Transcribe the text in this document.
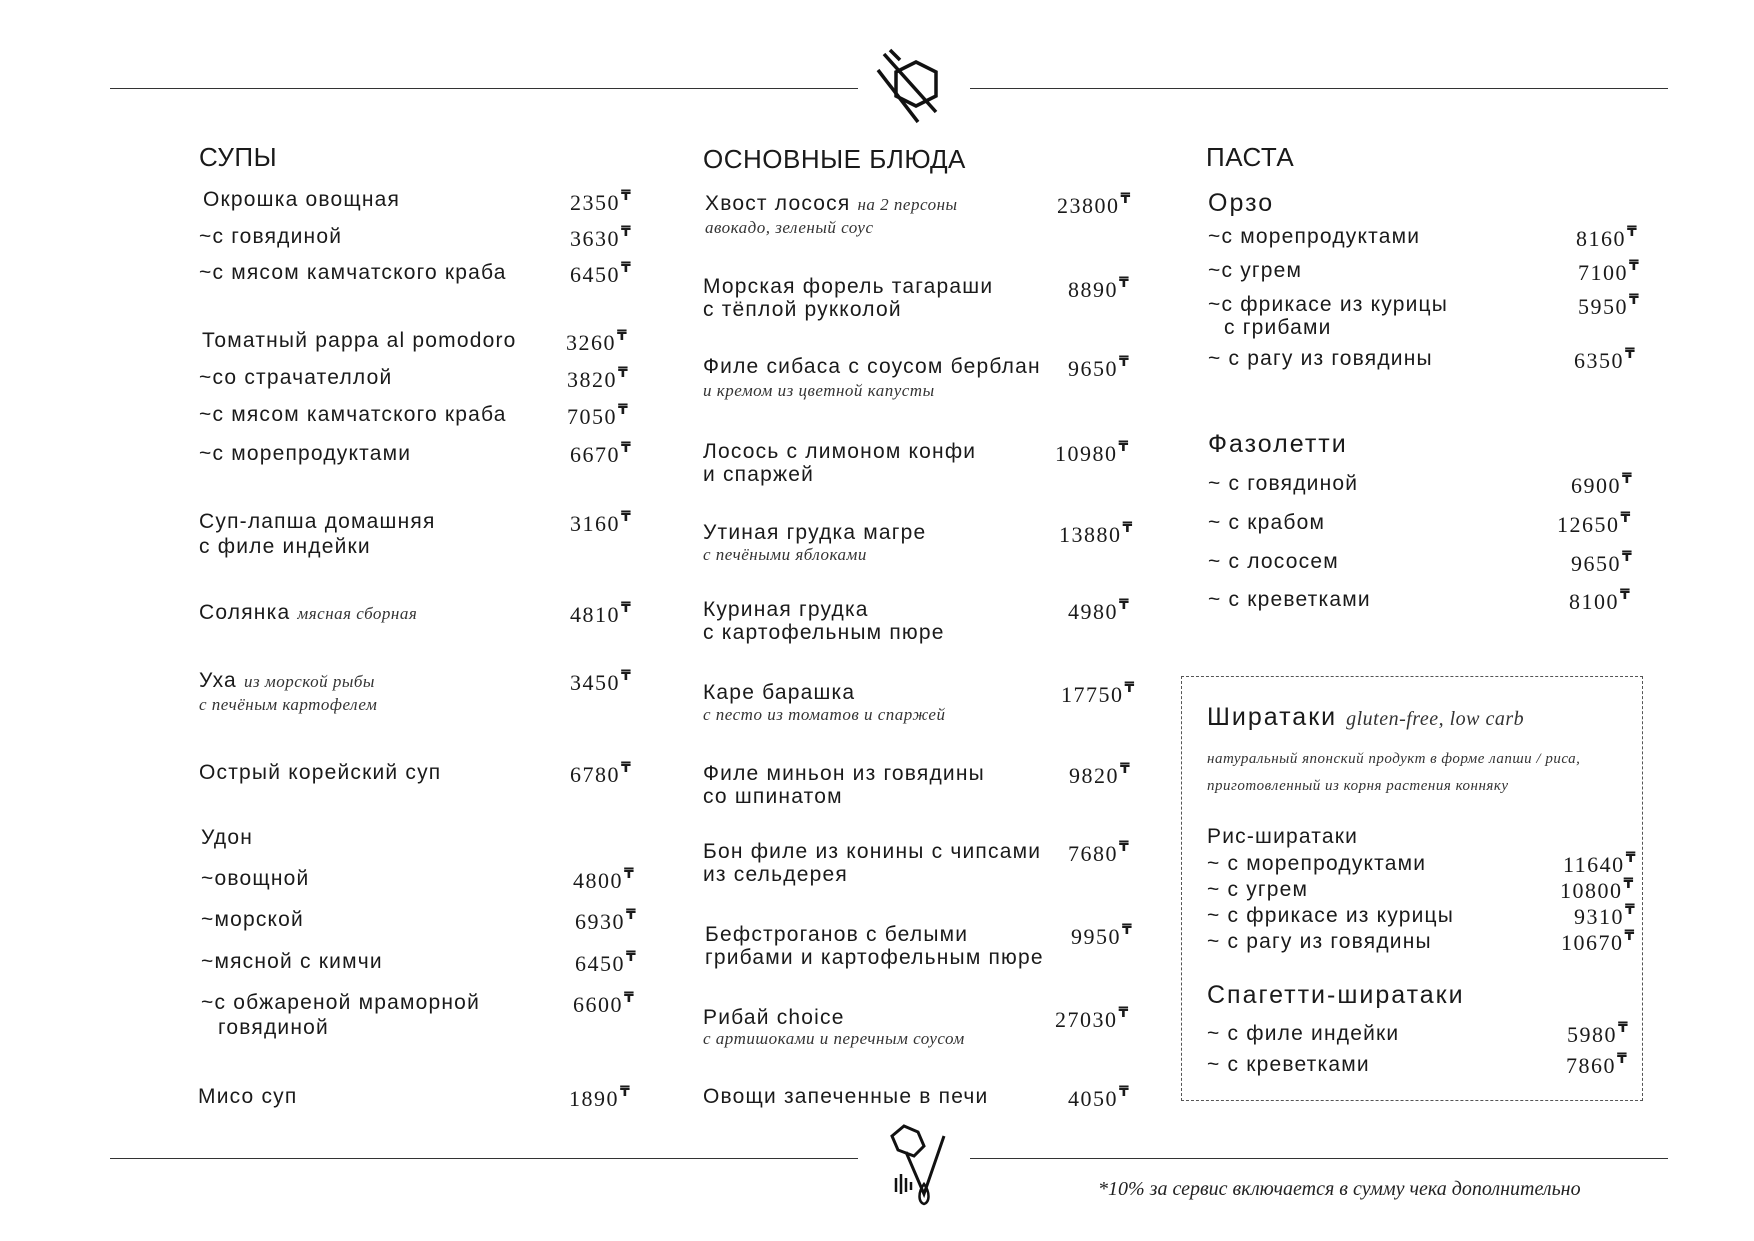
СУПЫ
Окрошка овощная	2350₸
~с говядиной	3630₸
~с мясом камчатского краба	6450₸
Томатный pappa al pomodoro 3260₸
~со страчателлой	3820₸
~с мясом камчатского краба	7050₸
~с морепродуктами	6670₸
Суп-лапша домашняя
с филе индейки
3160₸
Солянка мясная сборная	4810₸
Уха из морской рыбы
с печёным картофелем
3450₸
Острый корейский суп	6780₸
Удон
~овощной	4800₸
~морской	6930₸
~мясной с кимчи	6450₸
~с обжареной мраморной
говядиной
6600₸
Мисо суп	1890₸
ОСНОВНЫЕ БЛЮДА
Хвост лосося на 2 персоны
авокадо, зеленый соус
23800₸
Морская форель тагараши
с тёплой рукколой
8890₸
Филе сибаса с соусом берблан
и кремом из цветной капусты
9650₸
Лосось с лимоном конфи
и спаржей
10980₸
Утиная грудка магре
с печёными яблоками
13880₸
Куриная грудка
с картофельным пюре
4980₸
Каре барашка
с песто из томатов и спаржей
17750₸
Филе миньон из говядины
со шпинатом
9820₸
Бон филе из конины с чипсами
из сельдерея
7680₸
Бефстроганов с белыми
грибами и картофельным пюре
9950₸
Рибай choice
с артишоками и перечным соусом
27030₸
Овощи запеченные в печи	4050₸
ПАСТА
Орзо
~с морепродуктами	8160₸
~с угрем	7100₸
~с фрикасе из курицы
с грибами
5950₸
~ с рагу из говядины	6350₸
Фазолетти
~ с говядиной	6900₸
~ с крабом	12650₸
~ с лососем	9650₸
~ с креветками	8100₸
Ширатаки gluten-free, low carb
натуральный японский продукт в форме лапши / риса,
приготовленный из корня растения конняку
Рис-ширатаки
~ с морепродуктами	11640₸
~ с угрем	10800₸
~ с фрикасе из курицы	9310₸
~ с рагу из говядины	10670₸
Спагетти-ширатаки
~ с филе индейки	5980₸
~ с креветками	7860₸
*10% за сервис включается в сумму чека дополнительно
